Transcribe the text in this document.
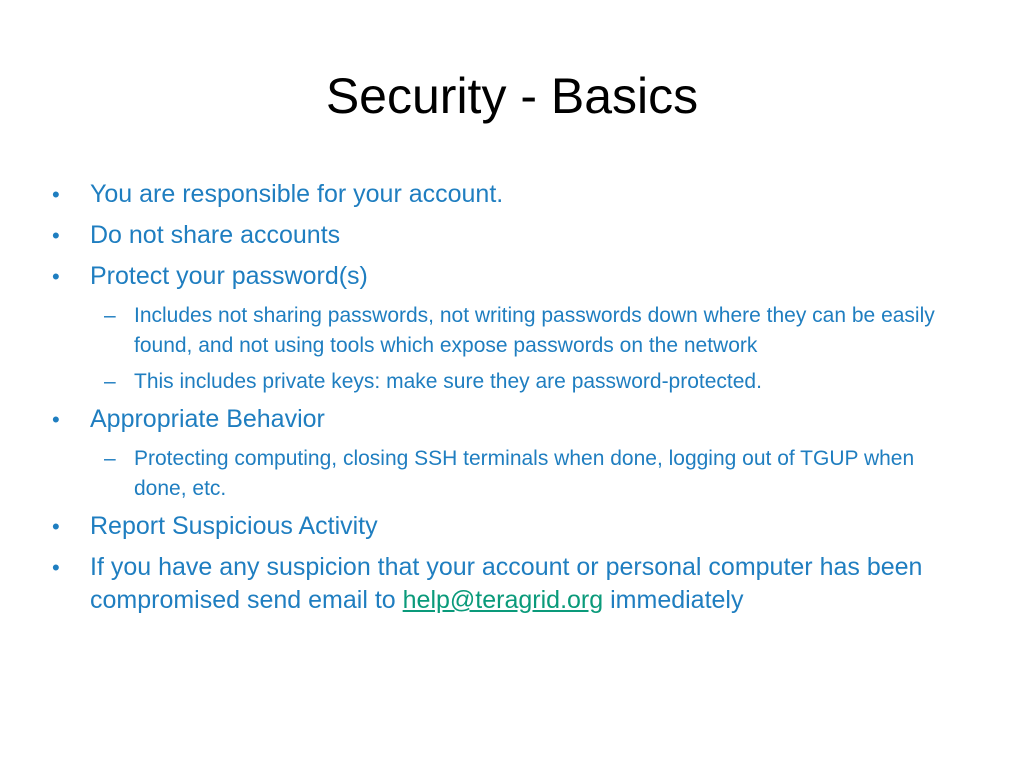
Security - Basics
•	You are responsible for your account.
•	Do not share accounts
•	Protect your password(s)
– Includes not sharing passwords, not writing passwords down where they can be easily found, and not using tools which expose passwords on the network
– This includes private keys: make sure they are password-protected.
•	Appropriate Behavior
– Protecting computing, closing SSH terminals when done, logging out of TGUP when done, etc.
•	Report Suspicious Activity
•	If you have any suspicion that your account or personal computer has been compromised send email to help@teragrid.org immediately
